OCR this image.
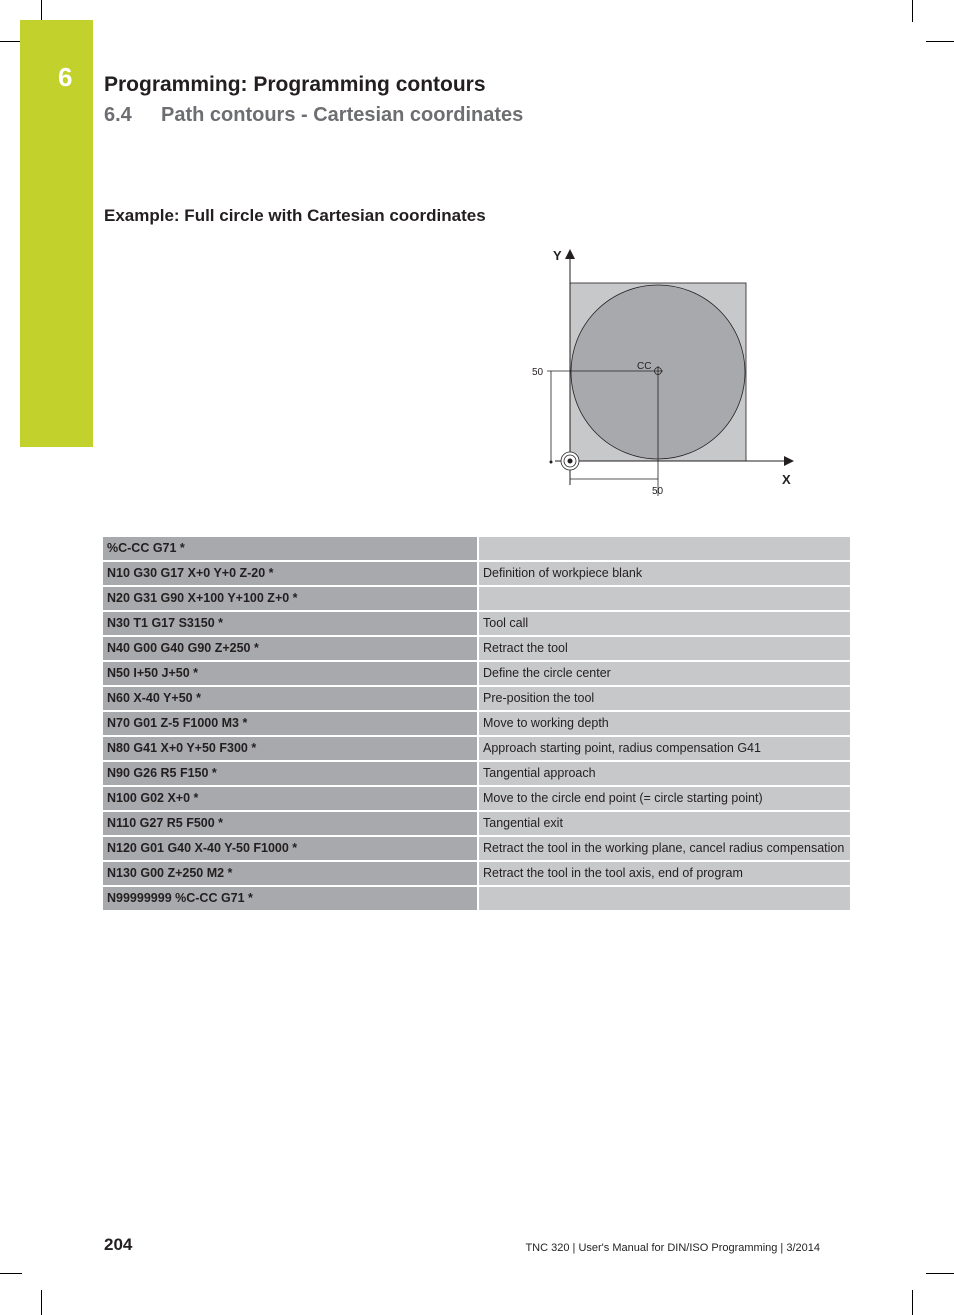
6 Programming: Programming contours
6.4 Path contours - Cartesian coordinates
Example: Full circle with Cartesian coordinates
Y
X
CC
50
50
%C-CC G71 *	
N10 G30 G17 X+0 Y+0 Z-20 *	Definition of workpiece blank
N20 G31 G90 X+100 Y+100 Z+0 *	
N30 T1 G17 S3150 *	Tool call
N40 G00 G40 G90 Z+250 *	Retract the tool
N50 I+50 J+50 *	Define the circle center
N60 X-40 Y+50 *	Pre-position the tool
N70 G01 Z-5 F1000 M3 *	Move to working depth
N80 G41 X+0 Y+50 F300 *	Approach starting point, radius compensation G41
N90 G26 R5 F150 *	Tangential approach
N100 G02 X+0 *	Move to the circle end point (= circle starting point)
N110 G27 R5 F500 *	Tangential exit
N120 G01 G40 X-40 Y-50 F1000 *	Retract the tool in the working plane, cancel radius compensation
N130 G00 Z+250 M2 *	Retract the tool in the tool axis, end of program
N99999999 %C-CC G71 *	
204	TNC 320 | User's Manual for DIN/ISO Programming | 3/2014
